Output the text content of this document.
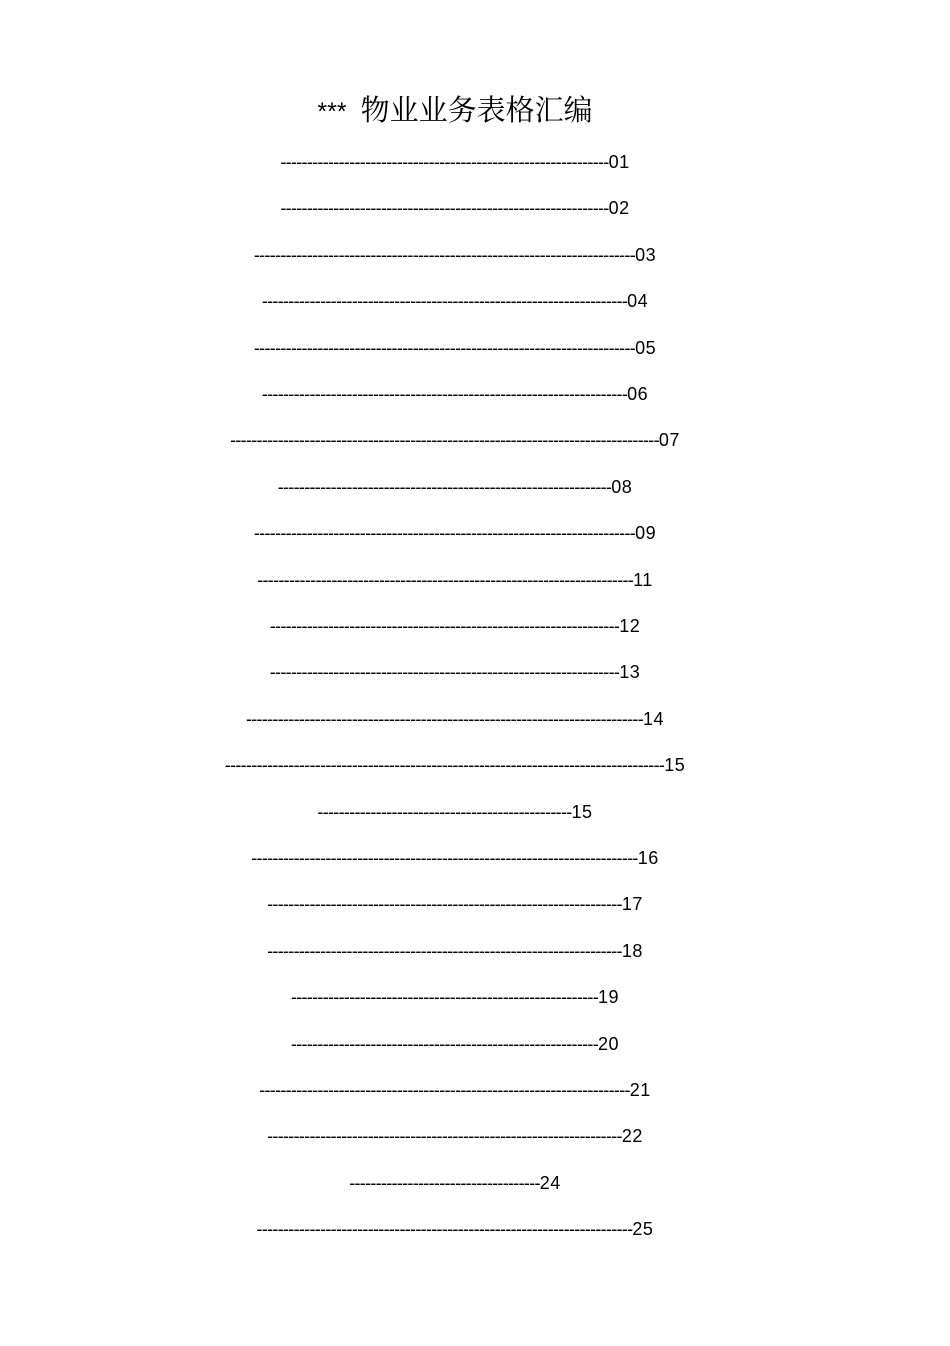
*** 物业业务表格汇编
--------------------------------------------------------------01
--------------------------------------------------------------02
------------------------------------------------------------------------03
---------------------------------------------------------------------04
------------------------------------------------------------------------05
---------------------------------------------------------------------06
---------------------------------------------------------------------------------07
---------------------------------------------------------------08
------------------------------------------------------------------------09
-----------------------------------------------------------------------11
------------------------------------------------------------------12
------------------------------------------------------------------13
---------------------------------------------------------------------------14
-----------------------------------------------------------------------------------15
------------------------------------------------15
-------------------------------------------------------------------------16
-------------------------------------------------------------------17
-------------------------------------------------------------------18
----------------------------------------------------------19
----------------------------------------------------------20
----------------------------------------------------------------------21
-------------------------------------------------------------------22
------------------------------------24
-----------------------------------------------------------------------25
